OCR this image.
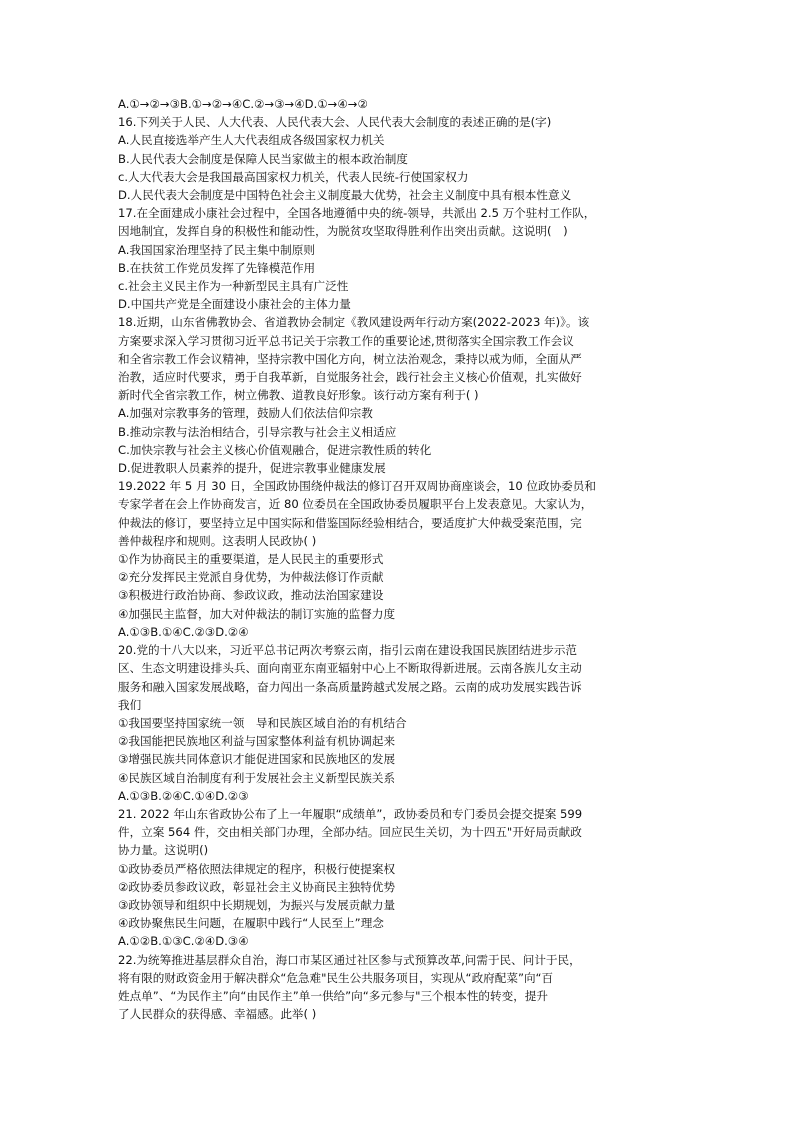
A.①→②→③B.①→②→④C.②→③→④D.①→④→②
16.下列关于人民、人大代表、人民代表大会、人民代表大会制度的表述正确的是(字)
A.人民直接选举产生人大代表组成各级国家权力机关
B.人民代表大会制度是保障人民当家做主的根本政治制度
c.人大代表大会是我国最高国家权力机关，代表人民统-行使国家权力
D.人民代表大会制度是中国特色社会主义制度最大优势，社会主义制度中具有根本性意义
17.在全面建成小康社会过程中，全国各地遵循中央的统-领导，共派出 2.5 万个驻村工作队，
因地制宜，发挥自身的积极性和能动性，为脱贫攻坚取得胜利作出突出贡献。这说明(　)
A.我国国家治理坚持了民主集中制原则
B.在扶贫工作党员发挥了先锋模范作用
c.社会主义民主作为一种新型民主具有广泛性
D.中国共产党是全面建设小康社会的主体力量
18.近期，山东省佛教协会、省道教协会制定《教风建设两年行动方案(2022-2023 年)》。该
方案要求深入学习贯彻习近平总书记关于宗教工作的重要论述,贯彻落实全国宗教工作会议
和全省宗教工作会议精神，坚持宗教中国化方向，树立法治观念，秉持以戒为师，全面从严
治教，适应时代要求，勇于自我革新，自觉服务社会，践行社会主义核心价值观，扎实做好
新时代全省宗教工作，树立佛教、道教良好形象。该行动方案有利于( )
A.加强对宗教事务的管理，鼓励人们依法信仰宗教
B.推动宗教与法治相结合，引导宗教与社会主义相适应
C.加快宗教与社会主义核心价值观融合，促进宗教性质的转化
D.促进教职人员素养的提升，促进宗教事业健康发展
19.2022 年 5 月 30 日，全国政协围绕仲裁法的修订召开双周协商座谈会，10 位政协委员和
专家学者在会上作协商发言，近 80 位委员在全国政协委员履职平台上发表意见。大家认为，
仲裁法的修订，要坚持立足中国实际和借鉴国际经验相结合，要适度扩大仲裁受案范围，完
善仲裁程序和规则。这表明人民政协( )
①作为协商民主的重要渠道，是人民民主的重要形式
②充分发挥民主党派自身优势，为仲裁法修订作贡献
③积极进行政治协商、参政议政，推动法治国家建设
④加强民主监督，加大对仲裁法的制订实施的监督力度
A.①③B.①④C.②③D.②④
20.党的十八大以来，习近平总书记两次考察云南，指引云南在建设我国民族团结进步示范
区、生态文明建设排头兵、面向南亚东南亚辐射中心上不断取得新进展。云南各族儿女主动
服务和融入国家发展战略，奋力闯出一条高质量跨越式发展之路。云南的成功发展实践告诉
我们
①我国要坚持国家统一领　导和民族区域自治的有机结合
②我国能把民族地区利益与国家整体利益有机协调起来
③增强民族共同体意识才能促进国家和民族地区的发展
④民族区域自治制度有利于发展社会主义新型民族关系
A.①③B.②④C.①④D.②③
21. 2022 年山东省政协公布了上一年履职“成绩单”，政协委员和专门委员会提交提案 599
件，立案 564 件，交由相关部门办理，全部办结。回应民生关切，为十四五"开好局贡献政
协力量。这说明()
①政协委员严格依照法律规定的程序，积极行使提案权
②政协委员参政议政，彰显社会主义协商民主独特优势
③政协领导和组织中长期规划，为振兴与发展贡献力量
④政协聚焦民生问题，在履职中践行“人民至上”理念
A.①②B.①③C.②④D.③④
22.为统筹推进基层群众自治，海口市某区通过社区参与式预算改革,问需于民、问计于民，
将有限的财政资金用于解决群众“危急难"民生公共服务项目，实现从“政府配菜”向“百
姓点单”、“为民作主”向“由民作主”单一供给”向“多元参与"三个根本性的转变，提升
了人民群众的获得感、幸福感。此举( )
